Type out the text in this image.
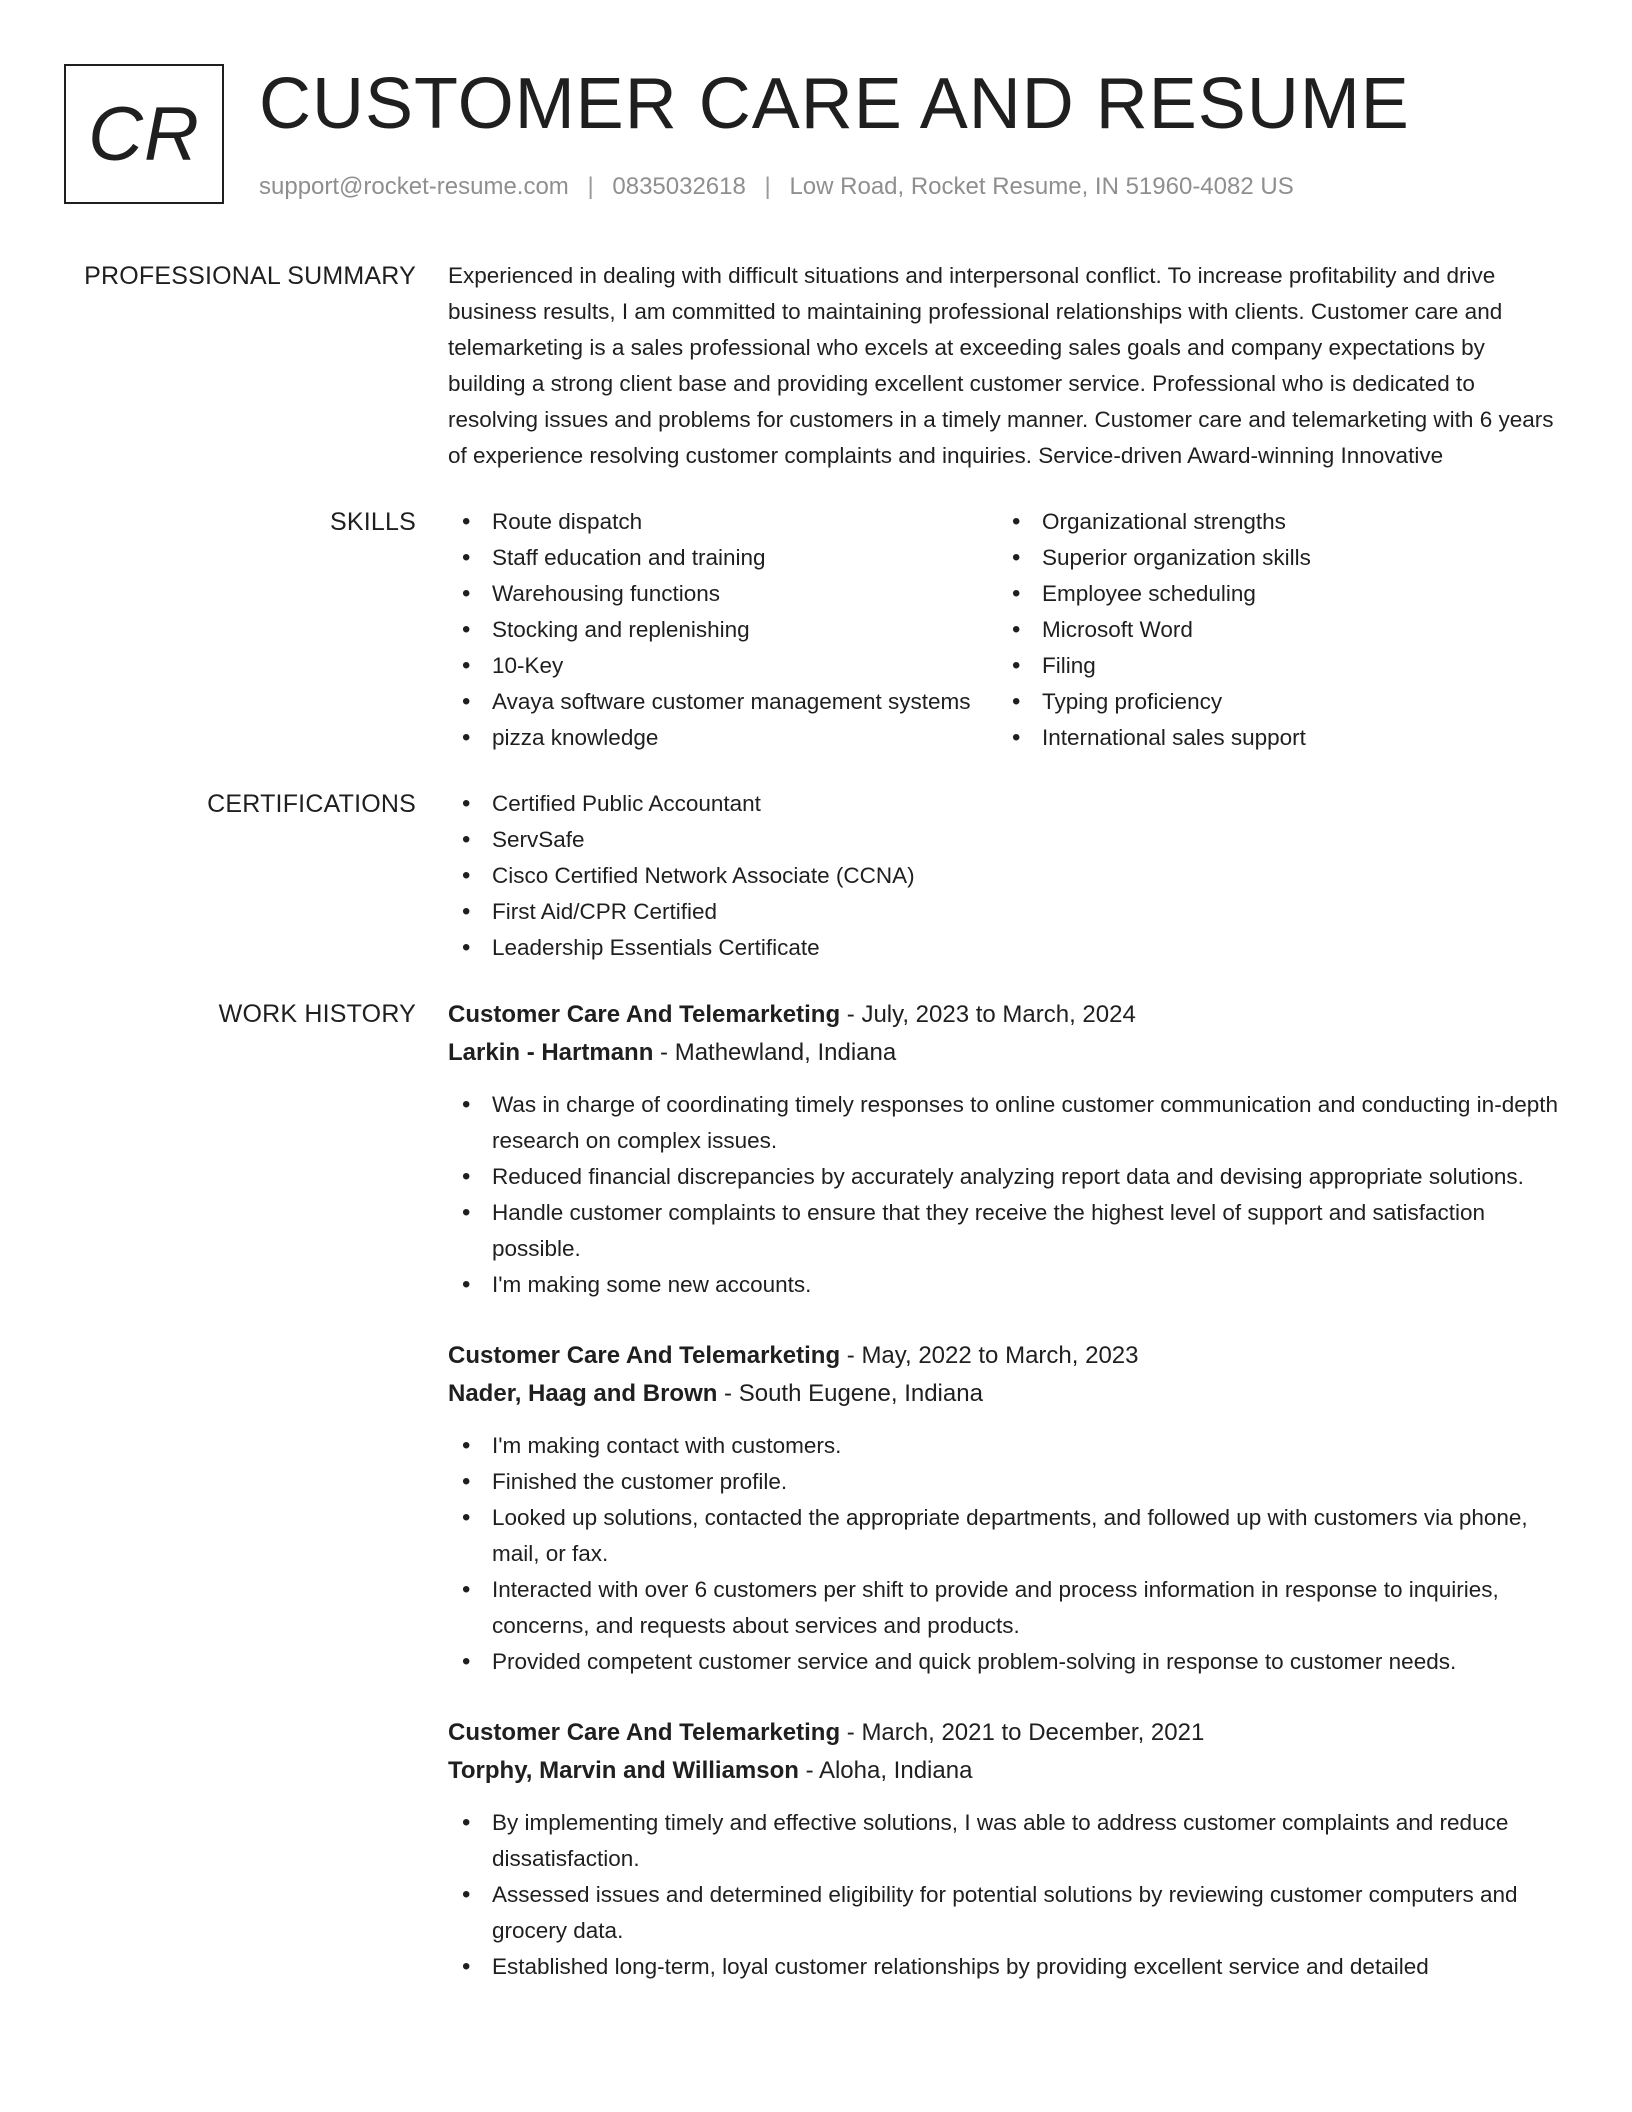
CR CUSTOMER CARE AND RESUME
support@rocket-resume.com | 0835032618 | Low Road, Rocket Resume, IN 51960-4082 US
PROFESSIONAL SUMMARY Experienced in dealing with difficult situations and interpersonal conflict. To increase profitability and drive business results, I am committed to maintaining professional relationships with clients. Customer care and telemarketing is a sales professional who excels at exceeding sales goals and company expectations by building a strong client base and providing excellent customer service. Professional who is dedicated to resolving issues and problems for customers in a timely manner. Customer care and telemarketing with 6 years of experience resolving customer complaints and inquiries. Service-driven Award-winning Innovative
SKILLS	• Route dispatch
• Staff education and training
• Warehousing functions
• Stocking and replenishing
• 10-Key
• Avaya software customer management systems
• pizza knowledge
• Organizational strengths
• Superior organization skills
• Employee scheduling
• Microsoft Word
• Filing
• Typing proficiency
• International sales support
CERTIFICATIONS	• Certified Public Accountant
• ServSafe
• Cisco Certified Network Associate (CCNA)
• First Aid/CPR Certified
• Leadership Essentials Certificate
WORK HISTORY Customer Care And Telemarketing - July, 2023 to March, 2024
Larkin - Hartmann - Mathewland, Indiana
• Was in charge of coordinating timely responses to online customer communication and conducting in-depth research on complex issues.
• Reduced financial discrepancies by accurately analyzing report data and devising appropriate solutions.
• Handle customer complaints to ensure that they receive the highest level of support and satisfaction possible.
• I'm making some new accounts.
Customer Care And Telemarketing - May, 2022 to March, 2023
Nader, Haag and Brown - South Eugene, Indiana
• I'm making contact with customers.
• Finished the customer profile.
• Looked up solutions, contacted the appropriate departments, and followed up with customers via phone, mail, or fax.
• Interacted with over 6 customers per shift to provide and process information in response to inquiries, concerns, and requests about services and products.
• Provided competent customer service and quick problem-solving in response to customer needs.
Customer Care And Telemarketing - March, 2021 to December, 2021
Torphy, Marvin and Williamson - Aloha, Indiana
• By implementing timely and effective solutions, I was able to address customer complaints and reduce dissatisfaction.
• Assessed issues and determined eligibility for potential solutions by reviewing customer computers and grocery data.
• Established long-term, loyal customer relationships by providing excellent service and detailed
